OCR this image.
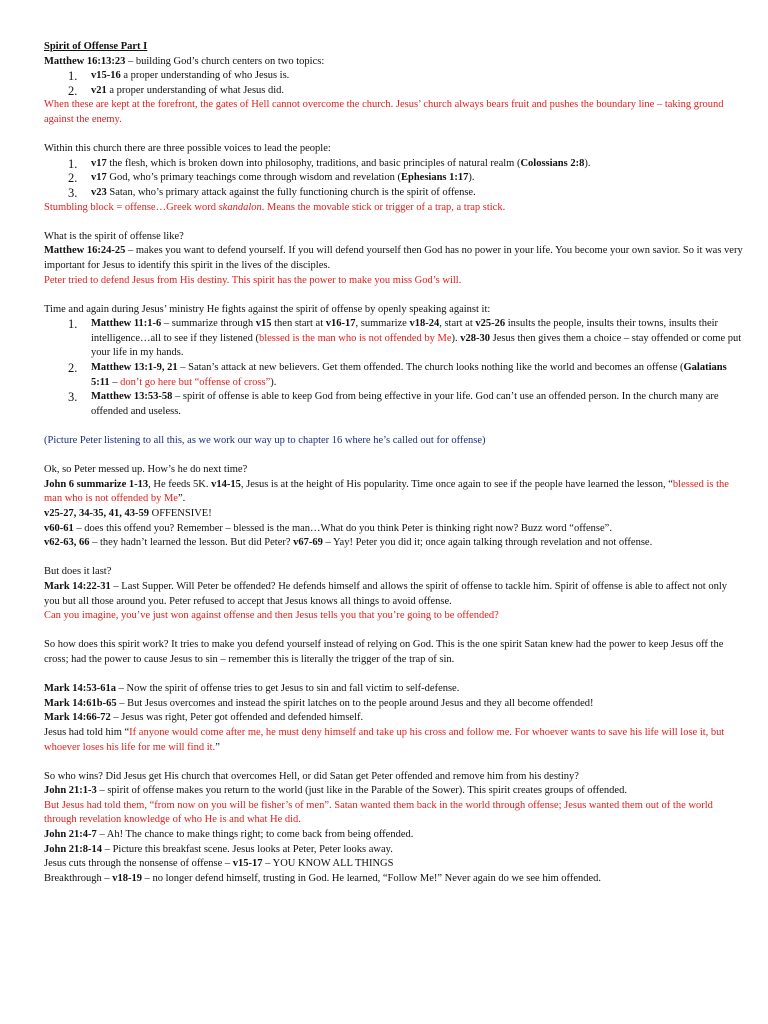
Spirit of Offense Part I
Matthew 16:13:23 – building God’s church centers on two topics:
1. v15-16 a proper understanding of who Jesus is.
2. v21 a proper understanding of what Jesus did.
When these are kept at the forefront, the gates of Hell cannot overcome the church. Jesus’ church always bears fruit and pushes the boundary line – taking ground against the enemy.
Within this church there are three possible voices to lead the people:
1. v17 the flesh, which is broken down into philosophy, traditions, and basic principles of natural realm (Colossians 2:8).
2. v17 God, who’s primary teachings come through wisdom and revelation (Ephesians 1:17).
3. v23 Satan, who’s primary attack against the fully functioning church is the spirit of offense.
Stumbling block = offense…Greek word skandalon. Means the movable stick or trigger of a trap, a trap stick.
What is the spirit of offense like?
Matthew 16:24-25 – makes you want to defend yourself. If you will defend yourself then God has no power in your life. You become your own savior. So it was very important for Jesus to identify this spirit in the lives of the disciples.
Peter tried to defend Jesus from His destiny. This spirit has the power to make you miss God’s will.
Time and again during Jesus’ ministry He fights against the spirit of offense by openly speaking against it:
1. Matthew 11:1-6 – summarize through v15 then start at v16-17, summarize v18-24, start at v25-26 insults the people, insults their towns, insults their intelligence…all to see if they listened (blessed is the man who is not offended by Me). v28-30 Jesus then gives them a choice – stay offended or come put your life in my hands.
2. Matthew 13:1-9, 21 – Satan’s attack at new believers. Get them offended. The church looks nothing like the world and becomes an offense (Galatians 5:11 – don’t go here but “offense of cross”).
3. Matthew 13:53-58 – spirit of offense is able to keep God from being effective in your life. God can’t use an offended person. In the church many are offended and useless.
(Picture Peter listening to all this, as we work our way up to chapter 16 where he’s called out for offense)
Ok, so Peter messed up. How’s he do next time?
John 6 summarize 1-13, He feeds 5K. v14-15, Jesus is at the height of His popularity. Time once again to see if the people have learned the lesson, “blessed is the man who is not offended by Me”.
v25-27, 34-35, 41, 43-59 OFFENSIVE!
v60-61 – does this offend you? Remember – blessed is the man…What do you think Peter is thinking right now? Buzz word “offense”.
v62-63, 66 – they hadn’t learned the lesson. But did Peter? v67-69 – Yay! Peter you did it; once again talking through revelation and not offense.
But does it last?
Mark 14:22-31 – Last Supper. Will Peter be offended? He defends himself and allows the spirit of offense to tackle him. Spirit of offense is able to affect not only you but all those around you. Peter refused to accept that Jesus knows all things to avoid offense.
Can you imagine, you’ve just won against offense and then Jesus tells you that you’re going to be offended?
So how does this spirit work? It tries to make you defend yourself instead of relying on God. This is the one spirit Satan knew had the power to keep Jesus off the cross; had the power to cause Jesus to sin – remember this is literally the trigger of the trap of sin.
Mark 14:53-61a – Now the spirit of offense tries to get Jesus to sin and fall victim to self-defense.
Mark 14:61b-65 – But Jesus overcomes and instead the spirit latches on to the people around Jesus and they all become offended!
Mark 14:66-72 – Jesus was right, Peter got offended and defended himself.
Jesus had told him “If anyone would come after me, he must deny himself and take up his cross and follow me. For whoever wants to save his life will lose it, but whoever loses his life for me will find it.”
So who wins? Did Jesus get His church that overcomes Hell, or did Satan get Peter offended and remove him from his destiny?
John 21:1-3 – spirit of offense makes you return to the world (just like in the Parable of the Sower). This spirit creates groups of offended.
But Jesus had told them, “from now on you will be fisher’s of men”. Satan wanted them back in the world through offense; Jesus wanted them out of the world through revelation knowledge of who He is and what He did.
John 21:4-7 – Ah! The chance to make things right; to come back from being offended.
John 21:8-14 – Picture this breakfast scene. Jesus looks at Peter, Peter looks away.
Jesus cuts through the nonsense of offense – v15-17 – YOU KNOW ALL THINGS
Breakthrough – v18-19 – no longer defend himself, trusting in God. He learned, “Follow Me!” Never again do we see him offended.
